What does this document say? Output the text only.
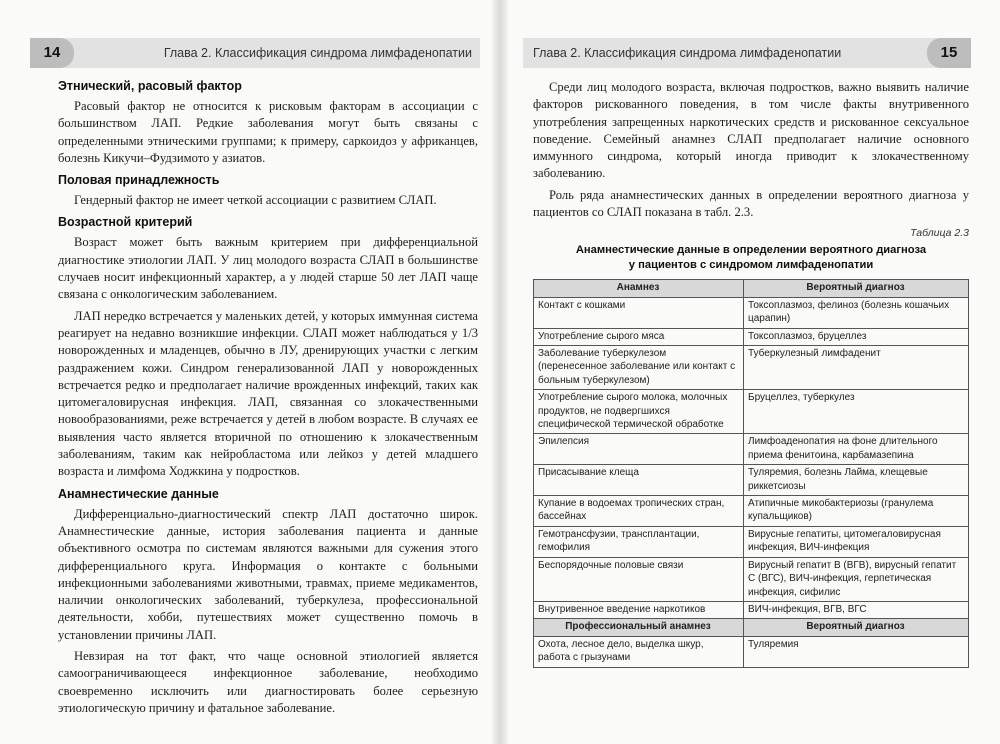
14	Глава 2. Классификация синдрома лимфаденопатии
Этнический, расовый фактор

Расовый фактор не относится к рисковым факторам в ассоциации с большинством ЛАП. Редкие заболевания могут быть связаны с определенными этническими группами; к примеру, саркоидоз у африканцев, болезнь Кикучи–Фудзимото у азиатов.

Половая принадлежность

Гендерный фактор не имеет четкой ассоциации с развитием СЛАП.

Возрастной критерий

Возраст может быть важным критерием при дифференциальной диагностике этиологии ЛАП. У лиц молодого возраста СЛАП в большинстве случаев носит инфекционный характер, а у людей старше 50 лет ЛАП чаще связана с онкологическим заболеванием.

ЛАП нередко встречается у маленьких детей, у которых иммунная система реагирует на недавно возникшие инфекции. СЛАП может наблюдаться у 1/3 новорожденных и младенцев, обычно в ЛУ, дренирующих участки с легким раздражением кожи. Синдром генерализованной ЛАП у новорожденных встречается редко и предполагает наличие врожденных инфекций, таких как цитомегаловирусная инфекция. ЛАП, связанная со злокачественными новообразованиями, реже встречается у детей в любом возрасте. В случаях ее выявления часто является вторичной по отношению к злокачественным заболеваниям, таким как нейробластома или лейкоз у детей младшего возраста и лимфома Ходжкина у подростков.

Анамнестические данные

Дифференциально-диагностический спектр ЛАП достаточно широк. Анамнестические данные, история заболевания пациента и данные объективного осмотра по системам являются важными для сужения этого дифференциального круга. Информация о контакте с больными инфекционными заболеваниями животными, травмах, приеме медикаментов, наличии онкологических заболеваний, туберкулеза, профессиональной деятельности, хобби, путешествиях может существенно помочь в установлении причины ЛАП.

Невзирая на тот факт, что чаще основной этиологией является самоограничивающееся инфекционное заболевание, необходимо своевременно исключить или диагностировать более серьезную этиологическую причину и фатальное заболевание.

Глава 2. Классификация синдрома лимфаденопатии	15

Среди лиц молодого возраста, включая подростков, важно выявить наличие факторов рискованного поведения, в том числе факты внутривенного употребления запрещенных наркотических средств и рискованное сексуальное поведение. Семейный анамнез СЛАП предполагает наличие основного иммунного синдрома, который иногда приводит к злокачественному заболеванию.

Роль ряда анамнестических данных в определении вероятного диагноза у пациентов со СЛАП показана в табл. 2.3.

Таблица 2.3
Анамнестические данные в определении вероятного диагноза
у пациентов с синдромом лимфаденопатии
Анамнез	Вероятный диагноз
Контакт с кошками	Токсоплазмоз, фелиноз (болезнь кошачьих царапин)
Употребление сырого мяса	Токсоплазмоз, бруцеллез
Заболевание туберкулезом (перенесенное заболевание или контакт с больным туберкулезом)	Туберкулезный лимфаденит
Употребление сырого молока, молочных продуктов, не подвергшихся специфической термической обработке	Бруцеллез, туберкулез
Эпилепсия	Лимфоаденопатия на фоне длительного приема фенитоина, карбамазепина
Присасывание клеща	Туляремия, болезнь Лайма, клещевые риккетсиозы
Купание в водоемах тропических стран, бассейнах	Атипичные микобактериозы (гранулема купальщиков)
Гемотрансфузии, трансплантации, гемофилия	Вирусные гепатиты, цитомегаловирусная инфекция, ВИЧ-инфекция
Беспорядочные половые связи	Вирусный гепатит В (ВГВ), вирусный гепатит С (ВГС), ВИЧ-инфекция, герпетическая инфекция, сифилис
Внутривенное введение наркотиков	ВИЧ-инфекция, ВГВ, ВГС
Профессиональный анамнез	Вероятный диагноз
Охота, лесное дело, выделка шкур, работа с грызунами	Туляремия
